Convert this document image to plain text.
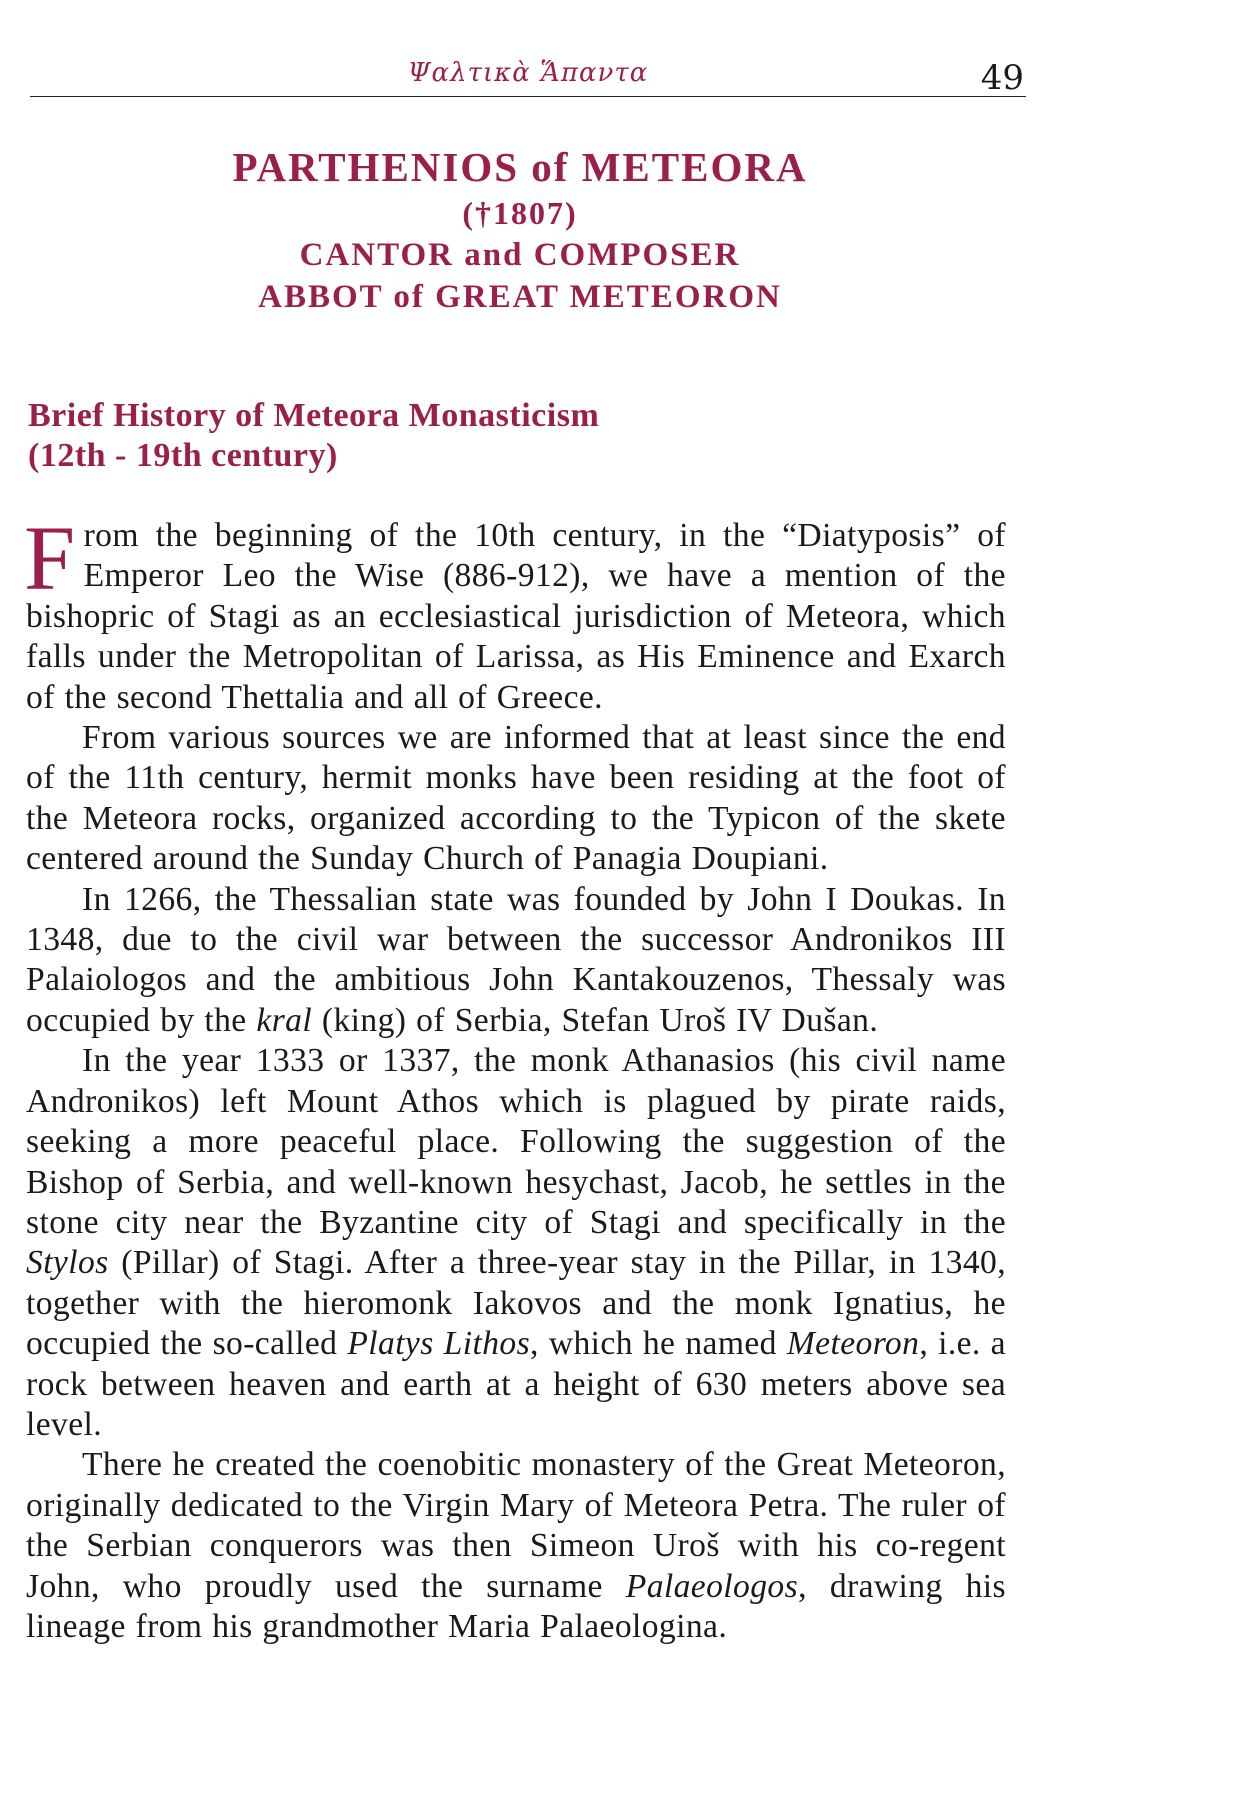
Ψαλτικὰ Ἅπαντα	49
PARTHENIOS of METEORA
(†1807)
CANTOR and COMPOSER
ABBOT of GREAT METEORON
Brief History of Meteora Monasticism
(12th - 19th century)

From the beginning of the 10th century, in the “Diatyposis” of Emperor Leo the Wise (886-912), we have a mention of the bishopric of Stagi as an ecclesiastical jurisdiction of Meteora, which falls under the Metropolitan of Larissa, as His Eminence and Exarch of the second Thettalia and all of Greece.

From various sources we are informed that at least since the end of the 11th century, hermit monks have been residing at the foot of the Meteora rocks, organized according to the Typicon of the skete centered around the Sunday Church of Panagia Doupiani.

In 1266, the Thessalian state was founded by John I Doukas. In 1348, due to the civil war between the successor Andronikos III Palaiologos and the ambitious John Kantakouzenos, Thessaly was occupied by the kral (king) of Serbia, Stefan Uroš IV Dušan.

In the year 1333 or 1337, the monk Athanasios (his civil name Andronikos) left Mount Athos which is plagued by pirate raids, seeking a more peaceful place. Following the suggestion of the Bishop of Serbia, and well-known hesychast, Jacob, he settles in the stone city near the Byzantine city of Stagi and specifically in the Stylos (Pillar) of Stagi. After a three-year stay in the Pillar, in 1340, together with the hieromonk Iakovos and the monk Ignatius, he occupied the so-called Platys Lithos, which he named Meteoron, i.e. a rock between heaven and earth at a height of 630 meters above sea level.

There he created the coenobitic monastery of the Great Meteoron, originally dedicated to the Virgin Mary of Meteora Petra. The ruler of the Serbian conquerors was then Simeon Uroš with his co-regent John, who proudly used the surname Palaeologos, drawing his lineage from his grandmother Maria Palaeologina.
